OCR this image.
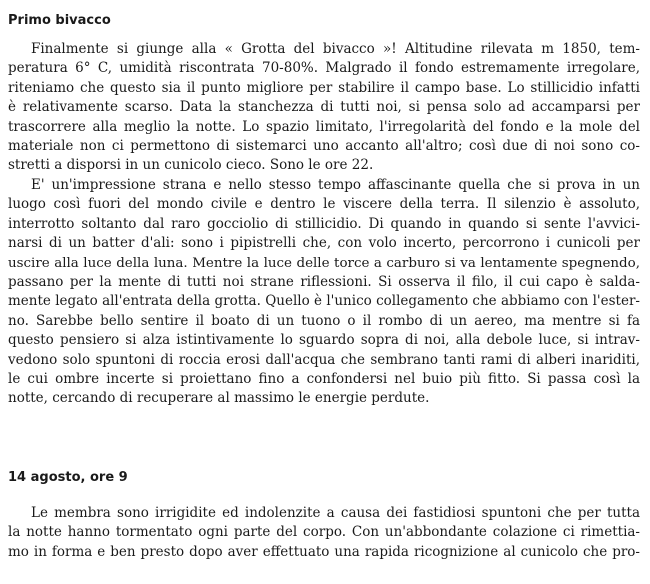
Primo bivacco
Finalmente si giunge alla « Grotta del bivacco »! Altitudine rilevata m 1850, tem-
peratura 6° C, umidità riscontrata 70-80%. Malgrado il fondo estremamente irregolare,
riteniamo che questo sia il punto migliore per stabilire il campo base. Lo stillicidio infatti
è relativamente scarso. Data la stanchezza di tutti noi, si pensa solo ad accamparsi per
trascorrere alla meglio la notte. Lo spazio limitato, l'irregolarità del fondo e la mole del
materiale non ci permettono di sistemarci uno accanto all'altro; così due di noi sono co-
stretti a disporsi in un cunicolo cieco. Sono le ore 22.
E' un'impressione strana e nello stesso tempo affascinante quella che si prova in un
luogo così fuori del mondo civile e dentro le viscere della terra. Il silenzio è assoluto,
interrotto soltanto dal raro gocciolio di stillicidio. Di quando in quando si sente l'avvici-
narsi di un batter d'ali: sono i pipistrelli che, con volo incerto, percorrono i cunicoli per
uscire alla luce della luna. Mentre la luce delle torce a carburo si va lentamente spegnendo,
passano per la mente di tutti noi strane riflessioni. Si osserva il filo, il cui capo è salda-
mente legato all'entrata della grotta. Quello è l'unico collegamento che abbiamo con l'ester-
no. Sarebbe bello sentire il boato di un tuono o il rombo di un aereo, ma mentre si fa
questo pensiero si alza istintivamente lo sguardo sopra di noi, alla debole luce, si intrav-
vedono solo spuntoni di roccia erosi dall'acqua che sembrano tanti rami di alberi inariditi,
le cui ombre incerte si proiettano fino a confondersi nel buio più fitto. Si passa così la
notte, cercando di recuperare al massimo le energie perdute.
14 agosto, ore 9
Le membra sono irrigidite ed indolenzite a causa dei fastidiosi spuntoni che per tutta
la notte hanno tormentato ogni parte del corpo. Con un'abbondante colazione ci rimettia-
mo in forma e ben presto dopo aver effettuato una rapida ricognizione al cunicolo che pro-
